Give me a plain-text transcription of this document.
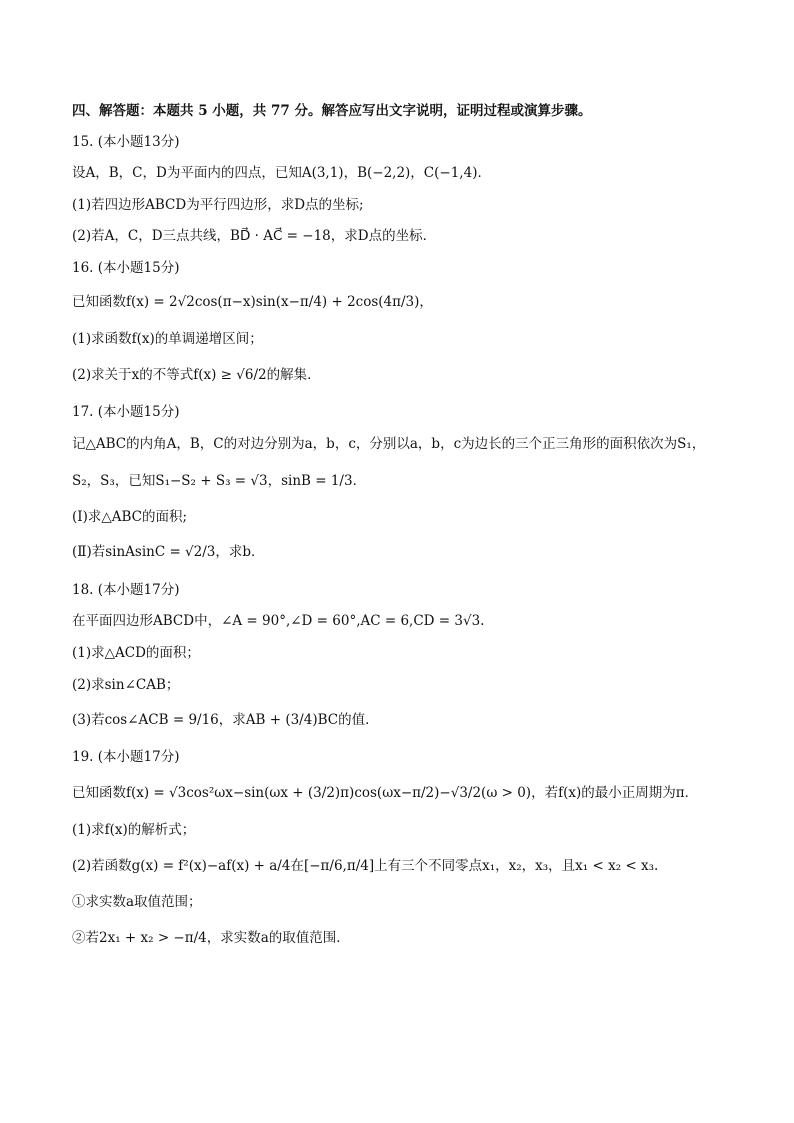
四、解答题：本题共 5 小题，共 77 分。解答应写出文字说明，证明过程或演算步骤。
15. (本小题13分)
设A，B，C，D为平面内的四点，已知A(3,1)，B(−2,2)，C(−1,4)．
(1)若四边形ABCD为平行四边形，求D点的坐标;
(2)若A，C，D三点共线，BD⃗ · AC⃗ = −18，求D点的坐标．
16. (本小题15分)
已知函数f(x) = 2√2cos(π−x)sin(x−π/4) + 2cos(4π/3)，
(1)求函数f(x)的单调递增区间；
(2)求关于x的不等式f(x) ≥ √6/2的解集．
17. (本小题15分)
记△ABC的内角A，B，C的对边分别为a，b，c，分别以a，b，c为边长的三个正三角形的面积依次为S₁，
S₂，S₃，已知S₁−S₂ + S₃ = √3，sinB = 1/3．
(Ⅰ)求△ABC的面积;
(Ⅱ)若sinAsinC = √2/3，求b．
18. (本小题17分)
在平面四边形ABCD中，∠A = 90°,∠D = 60°,AC = 6,CD = 3√3.
(1)求△ACD的面积；
(2)求sin∠CAB；
(3)若cos∠ACB = 9/16，求AB + (3/4)BC的值．
19. (本小题17分)
已知函数f(x) = √3cos²ωx−sin(ωx + (3/2)π)cos(ωx−π/2)−√3/2(ω > 0)，若f(x)的最小正周期为π．
(1)求f(x)的解析式；
(2)若函数g(x) = f²(x)−af(x) + a/4在[−π/6,π/4]上有三个不同零点x₁，x₂，x₃，且x₁ < x₂ < x₃.
①求实数a取值范围；
②若2x₁ + x₂ > −π/4，求实数a的取值范围．
